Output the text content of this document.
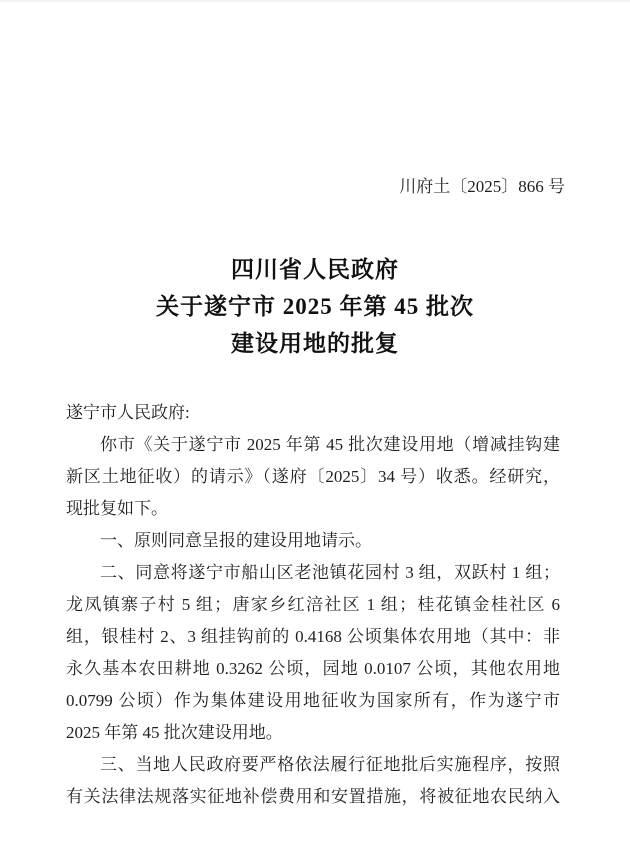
川府土〔2025〕866 号
四川省人民政府
关于遂宁市 2025 年第 45 批次
建设用地的批复
遂宁市人民政府:
你市《关于遂宁市 2025 年第 45 批次建设用地（增减挂钩建
新区土地征收）的请示》（遂府〔2025〕34 号）收悉。经研究，
现批复如下。
一、原则同意呈报的建设用地请示。
二、同意将遂宁市船山区老池镇花园村 3 组，双跃村 1 组；
龙凤镇寨子村 5 组；唐家乡红涪社区 1 组；桂花镇金桂社区 6
组，银桂村 2、3 组挂钩前的 0.4168 公顷集体农用地（其中：非
永久基本农田耕地 0.3262 公顷，园地 0.0107 公顷，其他农用地
0.0799 公顷）作为集体建设用地征收为国家所有，作为遂宁市
2025 年第 45 批次建设用地。
三、当地人民政府要严格依法履行征地批后实施程序，按照
有关法律法规落实征地补偿费用和安置措施，将被征地农民纳入
